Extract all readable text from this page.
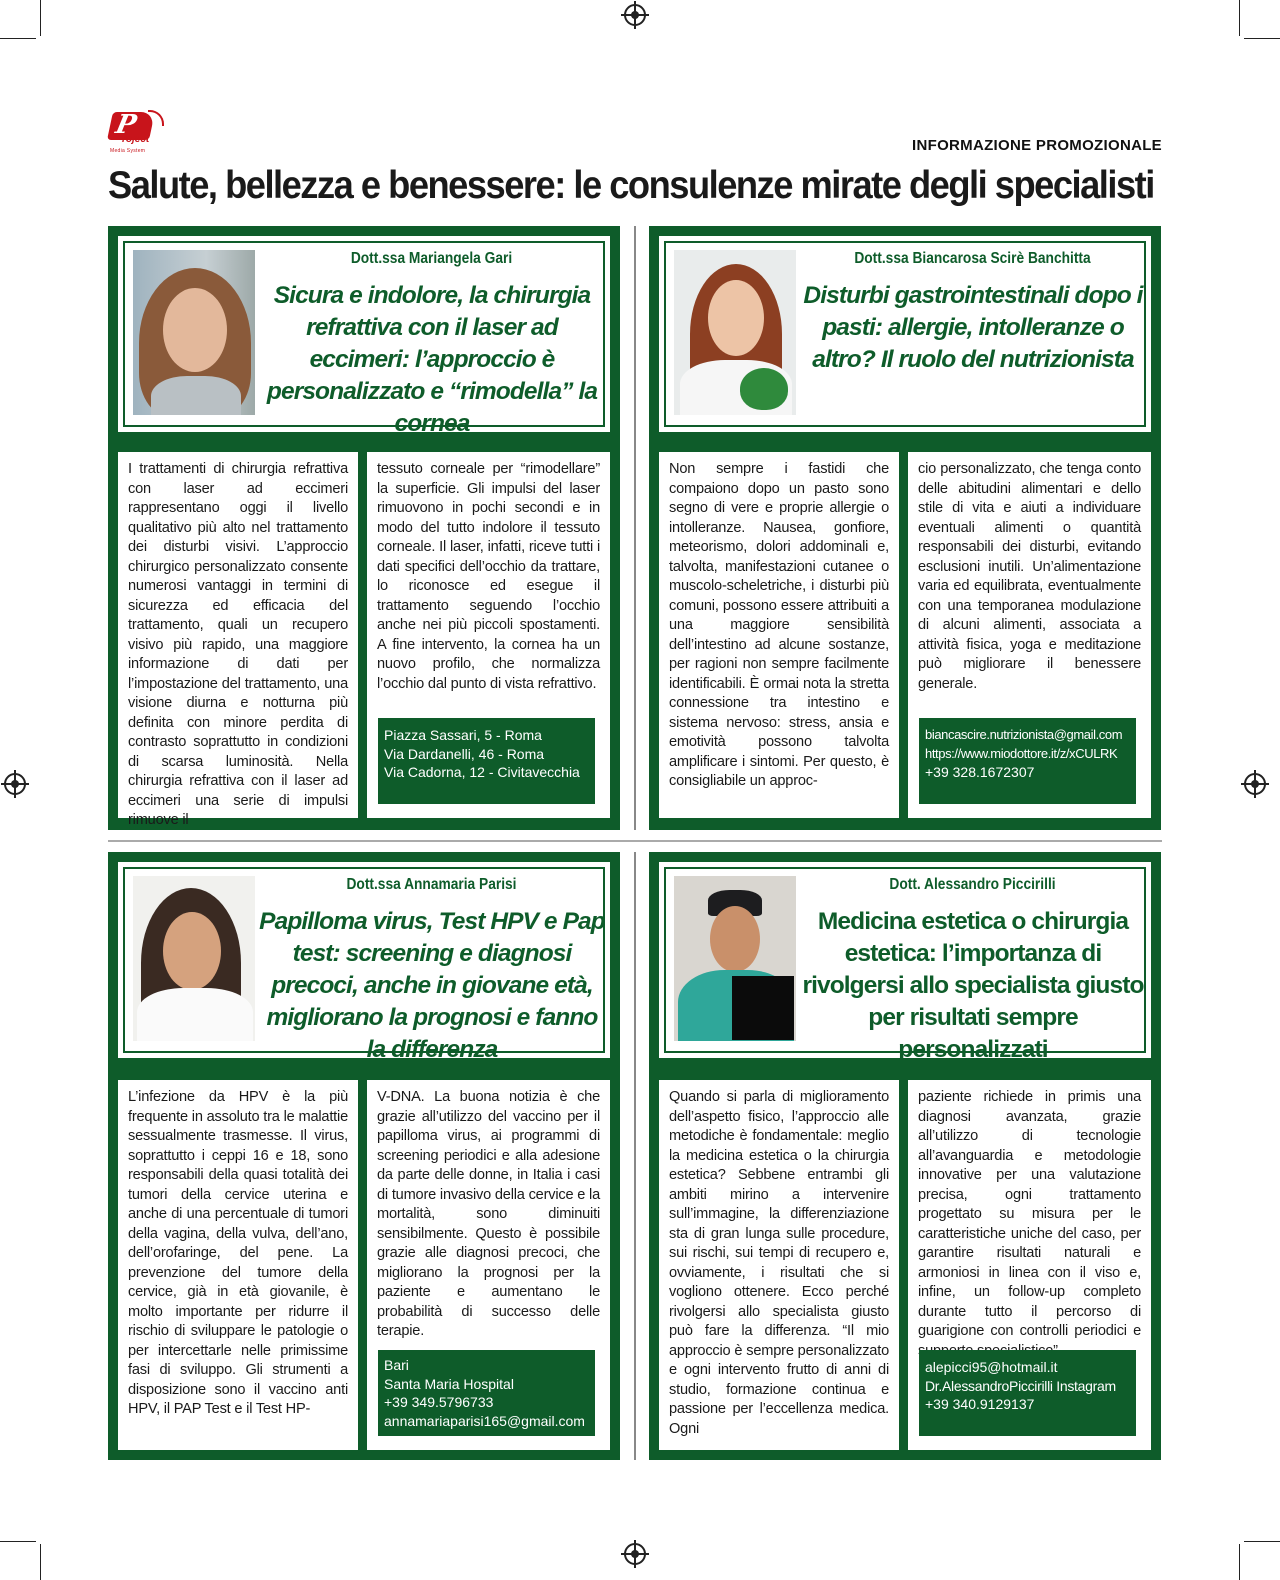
P
roject
Media System	INFORMAZIONE PROMOZIONALE
Salute, bellezza e benessere: le consulenze mirate degli specialisti
Dott.ssa Mariangela Gari
Sicura e indolore, la chirurgia refrattiva con il laser ad eccimeri: l’approccio è personalizzato e “rimodella” la cornea
I trattamenti di chirurgia refrattiva con laser ad eccimeri rappresentano oggi il livello qualitativo più alto nel trattamento dei disturbi visivi. L’approccio chirurgico personalizzato consente numerosi vantaggi in termini di sicurezza ed efficacia del trattamento, quali un recupero visivo più rapido, una maggiore informazione di dati per l’impostazione del trattamento, una visione diurna e notturna più definita con minore perdita di contrasto soprattutto in condizioni di scarsa luminosità. Nella chirurgia refrattiva con il laser ad eccimeri una serie di impulsi rimuove il
tessuto corneale per “rimodellare” la superficie. Gli impulsi del laser rimuovono in pochi secondi e in modo del tutto indolore il tessuto corneale. Il laser, infatti, riceve tutti i dati specifici dell’occhio da trattare, lo riconosce ed esegue il trattamento seguendo l’occhio anche nei più piccoli spostamenti. A fine intervento, la cornea ha un nuovo profilo, che normalizza l’occhio dal punto di vista refrattivo.
Piazza Sassari, 5 - Roma
Via Dardanelli, 46 - Roma
Via Cadorna, 12 - Civitavecchia
Dott.ssa Biancarosa Scirè Banchitta
Disturbi gastrointestinali dopo i pasti: allergie, intolleranze o altro? Il ruolo del nutrizionista
Non sempre i fastidi che compaiono dopo un pasto sono segno di vere e proprie allergie o intolleranze. Nausea, gonfiore, meteorismo, dolori addominali e, talvolta, manifestazioni cutanee o muscolo-scheletriche, i disturbi più comuni, possono essere attribuiti a una maggiore sensibilità dell’intestino ad alcune sostanze, per ragioni non sempre facilmente identificabili. È ormai nota la stretta connessione tra intestino e sistema nervoso: stress, ansia e emotività possono talvolta amplificare i sintomi. Per questo, è consigliabile un approc-
cio personalizzato, che tenga conto delle abitudini alimentari e dello stile di vita e aiuti a individuare eventuali alimenti o quantità responsabili dei disturbi, evitando esclusioni inutili. Un’alimentazione varia ed equilibrata, eventualmente con una temporanea modulazione di alcuni alimenti, associata a attività fisica, yoga e meditazione può migliorare il benessere generale.
biancascire.nutrizionista@gmail.com
https://www.miodottore.it/z/xCULRK
+39 328.1672307
Dott.ssa Annamaria Parisi
Papilloma virus, Test HPV e Pap test: screening e diagnosi precoci, anche in giovane età, migliorano la prognosi e fanno la differenza
L’infezione da HPV è la più frequente in assoluto tra le malattie sessualmente trasmesse. Il virus, soprattutto i ceppi 16 e 18, sono responsabili della quasi totalità dei tumori della cervice uterina e anche di una percentuale di tumori della vagina, della vulva, dell’ano, dell’orofaringe, del pene. La prevenzione del tumore della cervice, già in età giovanile, è molto importante per ridurre il rischio di sviluppare le patologie o per intercettarle nelle primissime fasi di sviluppo. Gli strumenti a disposizione sono il vaccino anti HPV, il PAP Test e il Test HP-
V-DNA. La buona notizia è che grazie all’utilizzo del vaccino per il papilloma virus, ai programmi di screening periodici e alla adesione da parte delle donne, in Italia i casi di tumore invasivo della cervice e la mortalità, sono diminuiti sensibilmente. Questo è possibile grazie alle diagnosi precoci, che migliorano la prognosi per la paziente e aumentano le probabilità di successo delle terapie.
Bari
Santa Maria Hospital
+39 349.5796733
annamariaparisi165@gmail.com
Dott. Alessandro Piccirilli
Medicina estetica o chirurgia estetica: l’importanza di rivolgersi allo specialista giusto per risultati sempre personalizzati
Quando si parla di miglioramento dell’aspetto fisico, l’approccio alle metodiche è fondamentale: meglio la medicina estetica o la chirurgia estetica? Sebbene entrambi gli ambiti mirino a intervenire sull’immagine, la differenziazione sta di gran lunga sulle procedure, sui rischi, sui tempi di recupero e, ovviamente, i risultati che si vogliono ottenere. Ecco perché rivolgersi allo specialista giusto può fare la differenza. “Il mio approccio è sempre personalizzato e ogni intervento frutto di anni di studio, formazione continua e passione per l’eccellenza medica. Ogni
paziente richiede in primis una diagnosi avanzata, grazie all’utilizzo di tecnologie all’avanguardia e metodologie innovative per una valutazione precisa, ogni trattamento progettato su misura per le caratteristiche uniche del caso, per garantire risultati naturali e armoniosi in linea con il viso e, infine, un follow-up completo durante tutto il percorso di guarigione con controlli periodici e
alepicci95@hotmail.it
Dr.AlessandroPiccirilli Instagram
+39 340.9129137
